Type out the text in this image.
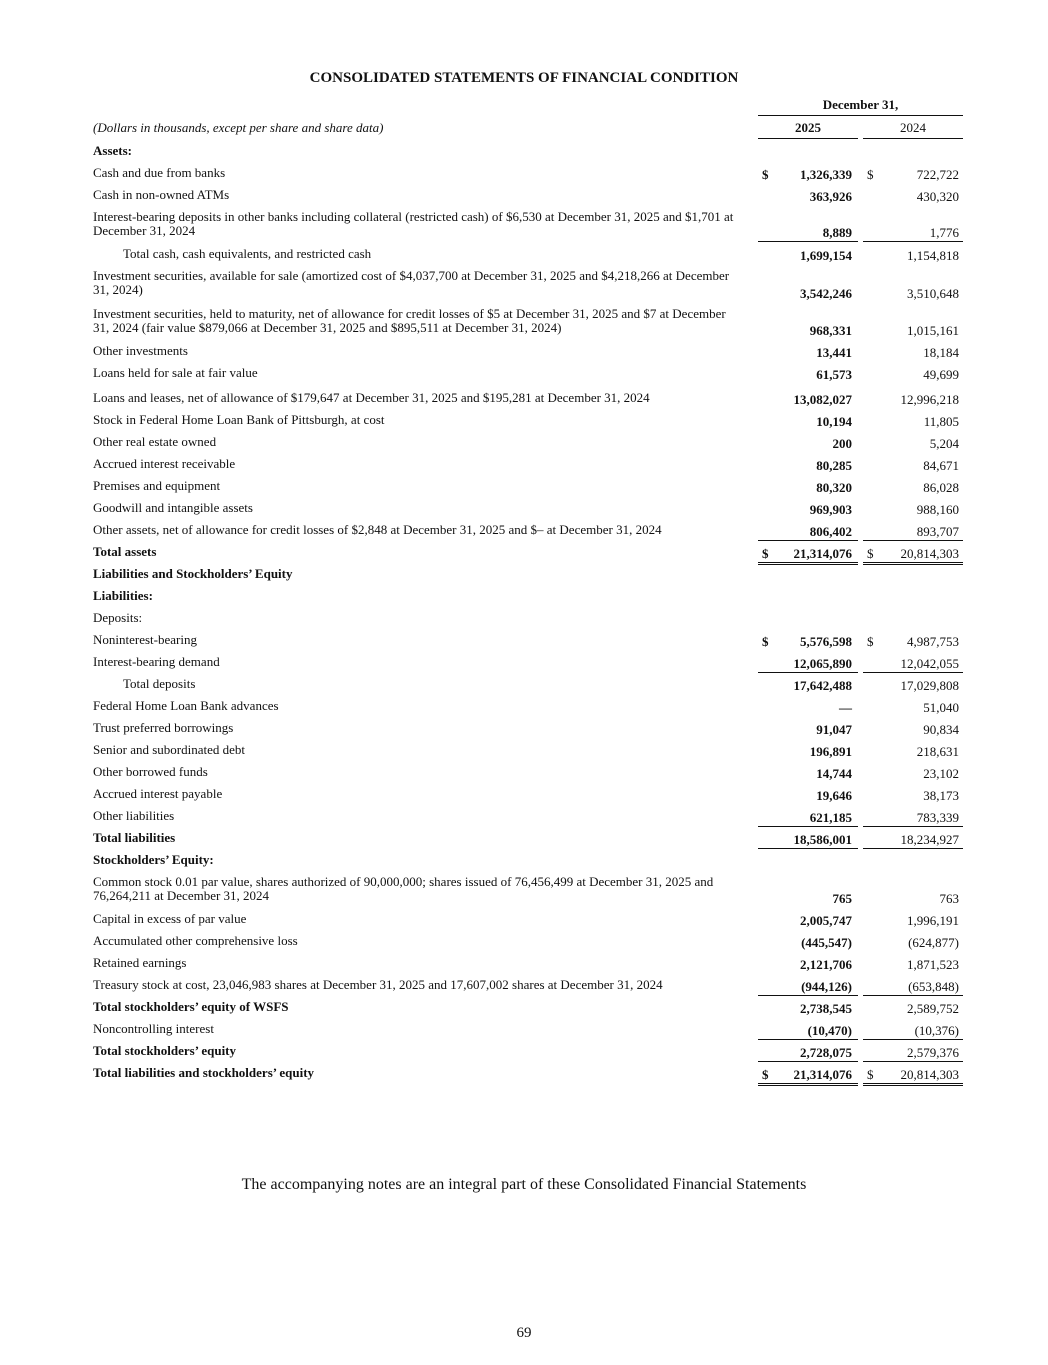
CONSOLIDATED STATEMENTS OF FINANCIAL CONDITION
December 31,
(Dollars in thousands, except per share and share data)	2025	2024
Assets:
Cash and due from banks	$ 1,326,339 $	722,722
Cash in non-owned ATMs	363,926	430,320
Interest-bearing deposits in other banks including collateral (restricted cash) of $6,530 at December 31, 2025 and $1,701 at December 31, 2024	8,889	1,776
Total cash, cash equivalents, and restricted cash	1,699,154	1,154,818
Investment securities, available for sale (amortized cost of $4,037,700 at December 31, 2025 and $4,218,266 at December 31, 2024)	3,542,246	3,510,648
Investment securities, held to maturity, net of allowance for credit losses of $5 at December 31, 2025 and $7 at December 31, 2024 (fair value $879,066 at December 31, 2025 and $895,511 at December 31, 2024)	968,331	1,015,161
Other investments	13,441	18,184
Loans held for sale at fair value	61,573	49,699
Loans and leases, net of allowance of $179,647 at December 31, 2025 and $195,281 at December 31, 2024	13,082,027	12,996,218
Stock in Federal Home Loan Bank of Pittsburgh, at cost	10,194	11,805
Other real estate owned	200	5,204
Accrued interest receivable	80,285	84,671
Premises and equipment	80,320	86,028
Goodwill and intangible assets	969,903	988,160
Other assets, net of allowance for credit losses of $2,848 at December 31, 2025 and $– at December 31, 2024	806,402	893,707
Total assets	$ 21,314,076 $ 20,814,303
Liabilities and Stockholders’ Equity
Liabilities:
Deposits:
Noninterest-bearing	$ 5,576,598 $	4,987,753
Interest-bearing demand	12,065,890	12,042,055
Total deposits	17,642,488	17,029,808
Federal Home Loan Bank advances	—	51,040
Trust preferred borrowings	91,047	90,834
Senior and subordinated debt	196,891	218,631
Other borrowed funds	14,744	23,102
Accrued interest payable	19,646	38,173
Other liabilities	621,185	783,339
Total liabilities	18,586,001	18,234,927
Stockholders’ Equity:
Common stock 0.01 par value, shares authorized of 90,000,000; shares issued of 76,456,499 at December 31, 2025 and 76,264,211 at December 31, 2024	765	763
Capital in excess of par value	2,005,747	1,996,191
Accumulated other comprehensive loss	(445,547)	(624,877)
Retained earnings	2,121,706	1,871,523
Treasury stock at cost, 23,046,983 shares at December 31, 2025 and 17,607,002 shares at December 31, 2024	(944,126)	(653,848)
Total stockholders’ equity of WSFS	2,738,545	2,589,752
Noncontrolling interest	(10,470)	(10,376)
Total stockholders’ equity	2,728,075	2,579,376
Total liabilities and stockholders’ equity	$ 21,314,076 $ 20,814,303
The accompanying notes are an integral part of these Consolidated Financial Statements
69
